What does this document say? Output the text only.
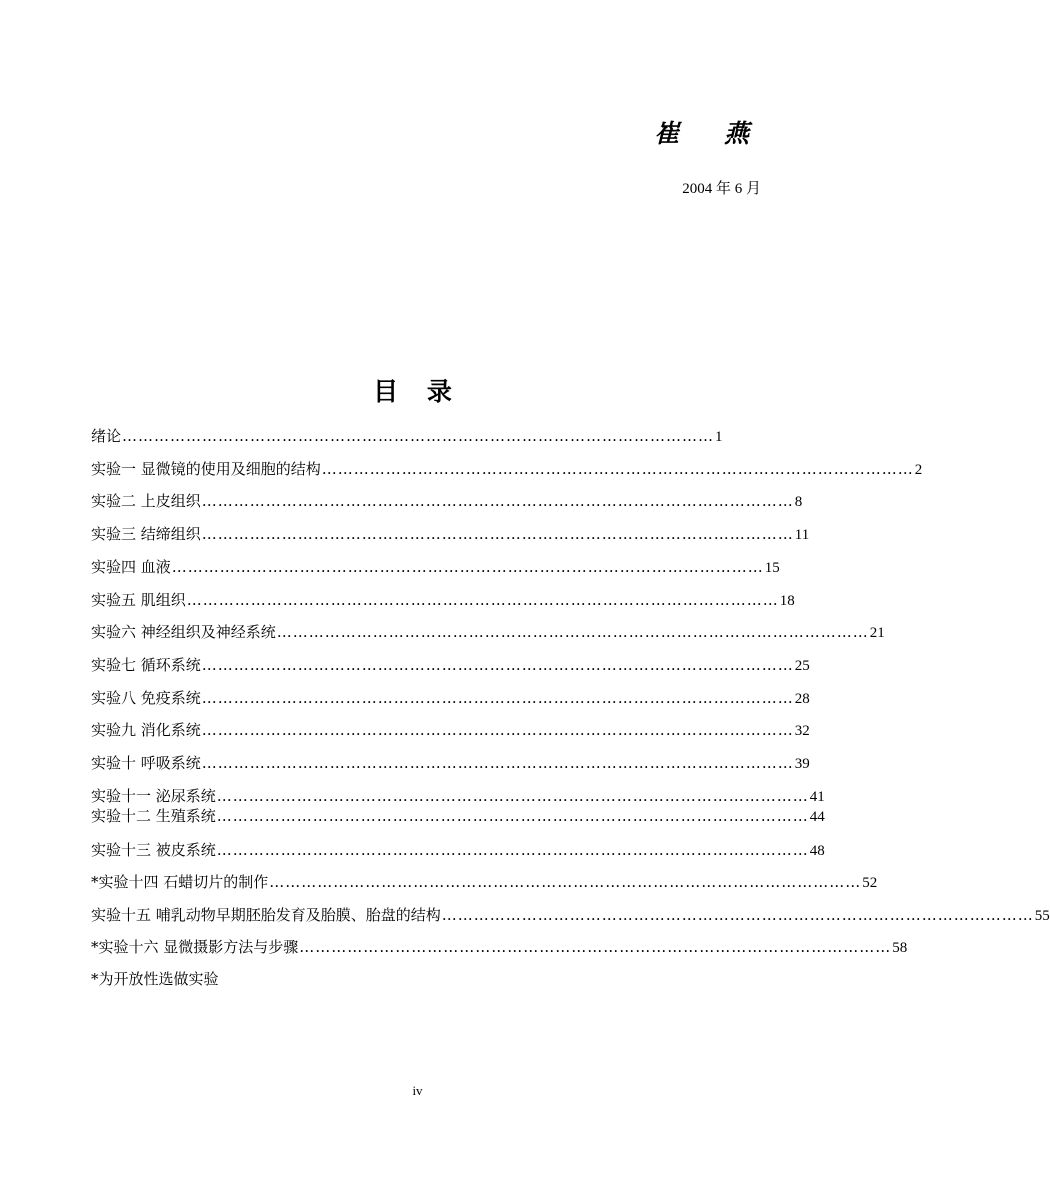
崔 燕
2004 年 6 月
目 录
绪论 ………………………………………………………………………………………………… 1
实验一 显微镜的使用及细胞的结构 ………………………………………………………………………………………………… 2
实验二 上皮组织 ………………………………………………………………………………………………… 8
实验三 结缔组织 ………………………………………………………………………………………………… 11
实验四 血液 ………………………………………………………………………………………………… 15
实验五 肌组织 ………………………………………………………………………………………………… 18
实验六 神经组织及神经系统 ………………………………………………………………………………………………… 21
实验七 循环系统 ………………………………………………………………………………………………… 25
实验八 免疫系统 ………………………………………………………………………………………………… 28
实验九 消化系统 ………………………………………………………………………………………………… 32
实验十 呼吸系统 ………………………………………………………………………………………………… 39
实验十一 泌尿系统 ………………………………………………………………………………………………… 41
实验十二 生殖系统 ………………………………………………………………………………………………… 44
实验十三 被皮系统 ………………………………………………………………………………………………… 48
*实验十四 石蜡切片的制作 ………………………………………………………………………………………………… 52
实验十五 哺乳动物早期胚胎发育及胎膜、胎盘的结构 ………………………………………………………………………………………………… 55
*实验十六 显微摄影方法与步骤 ………………………………………………………………………………………………… 58
*为开放性选做实验
iv
